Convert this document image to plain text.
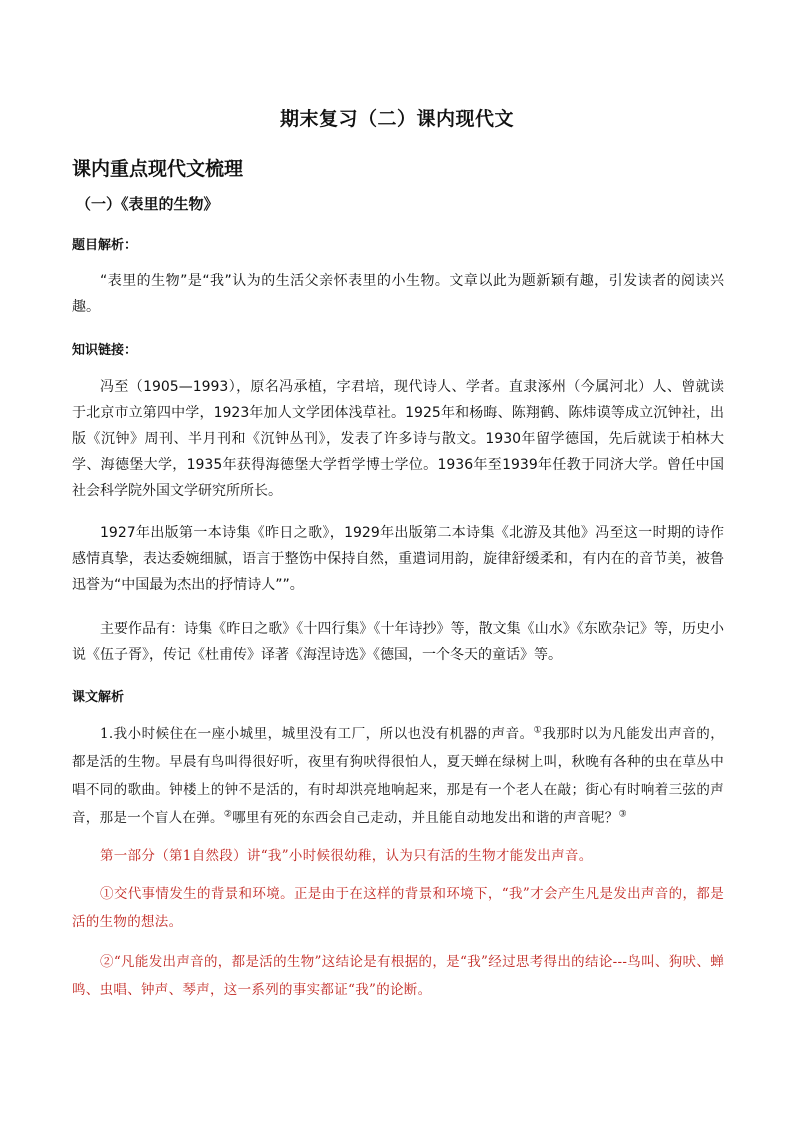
期末复习（二）课内现代文
课内重点现代文梳理
（一）《表里的生物》
题目解析：
“表里的生物”是“我”认为的生活父亲怀表里的小生物。文章以此为题新颖有趣，引发读者的阅读兴趣。
知识链接：
冯至（1905—1993），原名冯承植，字君培，现代诗人、学者。直隶涿州（今属河北）人、曾就读于北京市立第四中学，1923年加人文学团体浅草社。1925年和杨晦、陈翔鹤、陈炜谟等成立沉钟社，出版《沉钟》周刊、半月刊和《沉钟丛刊》，发表了许多诗与散文。1930年留学德国，先后就读于柏林大学、海德堡大学，1935年获得海德堡大学哲学博士学位。1936年至1939年任教于同济大学。曾任中国社会科学院外国文学研究所所长。
1927年出版第一本诗集《昨日之歌》，1929年出版第二本诗集《北游及其他》冯至这一时期的诗作感情真挚，表达委婉细腻，语言于整饬中保持自然，重遣词用韵，旋律舒缓柔和，有内在的音节美，被鲁迅誉为“中国最为杰出的抒情诗人””。
主要作品有：诗集《昨日之歌》《十四行集》《十年诗抄》等，散文集《山水》《东欧杂记》等，历史小说《伍子胥》，传记《杜甫传》译著《海涅诗选》《德国，一个冬天的童话》等。
课文解析
1.我小时候住在一座小城里，城里没有工厂，所以也没有机器的声音。①我那时以为凡能发出声音的，都是活的生物。早晨有鸟叫得很好听，夜里有狗吠得很怕人，夏天蝉在绿树上叫，秋晚有各种的虫在草丛中唱不同的歌曲。钟楼上的钟不是活的，有时却洪亮地响起来，那是有一个老人在敲；街心有时响着三弦的声音，那是一个盲人在弹。②哪里有死的东西会自己走动，并且能自动地发出和谐的声音呢？③
第一部分（第1自然段）讲“我”小时候很幼稚，认为只有活的生物才能发出声音。
①交代事情发生的背景和环境。正是由于在这样的背景和环境下，“我”才会产生凡是发出声音的，都是活的生物的想法。
②“凡能发出声音的，都是活的生物”这结论是有根据的，是“我”经过思考得出的结论---鸟叫、狗吠、蝉鸣、虫唱、钟声、琴声，这一系列的事实都证“我”的论断。
